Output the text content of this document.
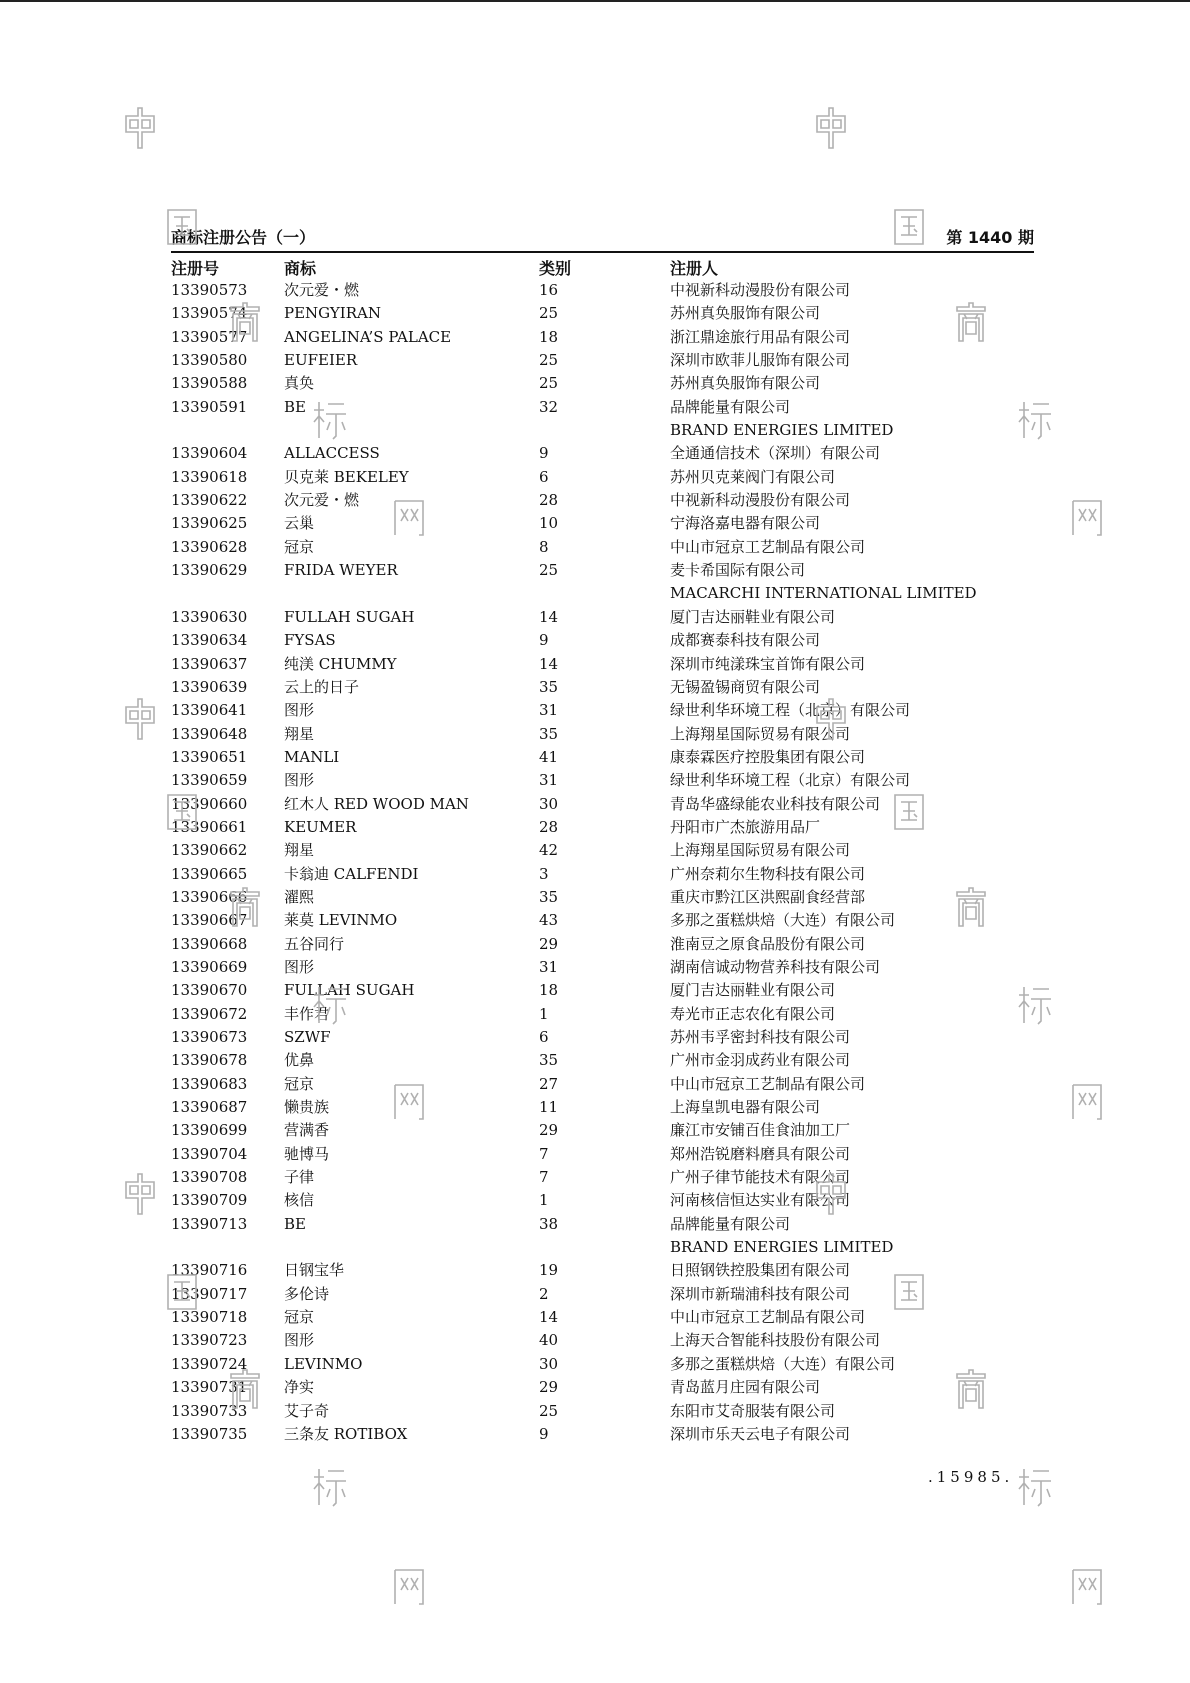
商标注册公告（一）	第 1440 期
注册号	商标	类别	注册人
13390573 次元爱・燃	16	中视新科动漫股份有限公司
13390574 PENGYIRAN	25	苏州真奂服饰有限公司
13390577 ANGELINA’S PALACE	18	浙江鼎途旅行用品有限公司
13390580 EUFEIER	25	深圳市欧菲儿服饰有限公司
13390588 真奂	25	苏州真奂服饰有限公司
13390591 BE	32	品牌能量有限公司
BRAND ENERGIES LIMITED
13390604 ALLACCESS	9	全通通信技术（深圳）有限公司
13390618 贝克莱 BEKELEY	6	苏州贝克莱阀门有限公司
13390622 次元爱・燃	28	中视新科动漫股份有限公司
13390625 云巢	10	宁海洛嘉电器有限公司
13390628 冠京	8	中山市冠京工艺制品有限公司
13390629 FRIDA WEYER	25	麦卡希国际有限公司
MACARCHI INTERNATIONAL LIMITED
13390630 FULLAH SUGAH	14	厦门吉达丽鞋业有限公司
13390634 FYSAS	9	成都赛泰科技有限公司
13390637 纯渼 CHUMMY	14	深圳市纯漾珠宝首饰有限公司
13390639 云上的日子	35	无锡盈锡商贸有限公司
13390641 图形	31	绿世利华环境工程（北京）有限公司
13390648 翔星	35	上海翔星国际贸易有限公司
13390651 MANLI	41	康泰霖医疗控股集团有限公司
13390659 图形	31	绿世利华环境工程（北京）有限公司
13390660 红木人 RED WOOD MAN	30	青岛华盛绿能农业科技有限公司
13390661 KEUMER	28	丹阳市广杰旅游用品厂
13390662 翔星	42	上海翔星国际贸易有限公司
13390665 卡翁迪 CALFENDI	3	广州奈莉尔生物科技有限公司
13390666 濯熙	35	重庆市黔江区洪熙副食经营部
13390667 莱莫 LEVINMO	43	多那之蛋糕烘焙（大连）有限公司
13390668 五谷同行	29	淮南豆之原食品股份有限公司
13390669 图形	31	湖南信诚动物营养科技有限公司
13390670 FULLAH SUGAH	18	厦门吉达丽鞋业有限公司
13390672 丰作君	1	寿光市正志农化有限公司
13390673 SZWF	6	苏州韦孚密封科技有限公司
13390678 优鼻	35	广州市金羽成药业有限公司
13390683 冠京	27	中山市冠京工艺制品有限公司
13390687 懒贵族	11	上海皇凯电器有限公司
13390699 营满香	29	廉江市安铺百佳食油加工厂
13390704 驰博马	7	郑州浩锐磨料磨具有限公司
13390708 子律	7	广州子律节能技术有限公司
13390709 核信	1	河南核信恒达实业有限公司
13390713 BE	38	品牌能量有限公司
BRAND ENERGIES LIMITED
13390716 日钢宝华	19	日照钢铁控股集团有限公司
13390717 多伦诗	2	深圳市新瑞浦科技有限公司
13390718 冠京	14	中山市冠京工艺制品有限公司
13390723 图形	40	上海天合智能科技股份有限公司
13390724 LEVINMO	30	多那之蛋糕烘焙（大连）有限公司
13390731 净实	29	青岛蓝月庄园有限公司
13390733 艾子奇	25	东阳市艾奇服装有限公司
13390735 三条友 ROTIBOX	9	深圳市乐天云电子有限公司
.15985.
